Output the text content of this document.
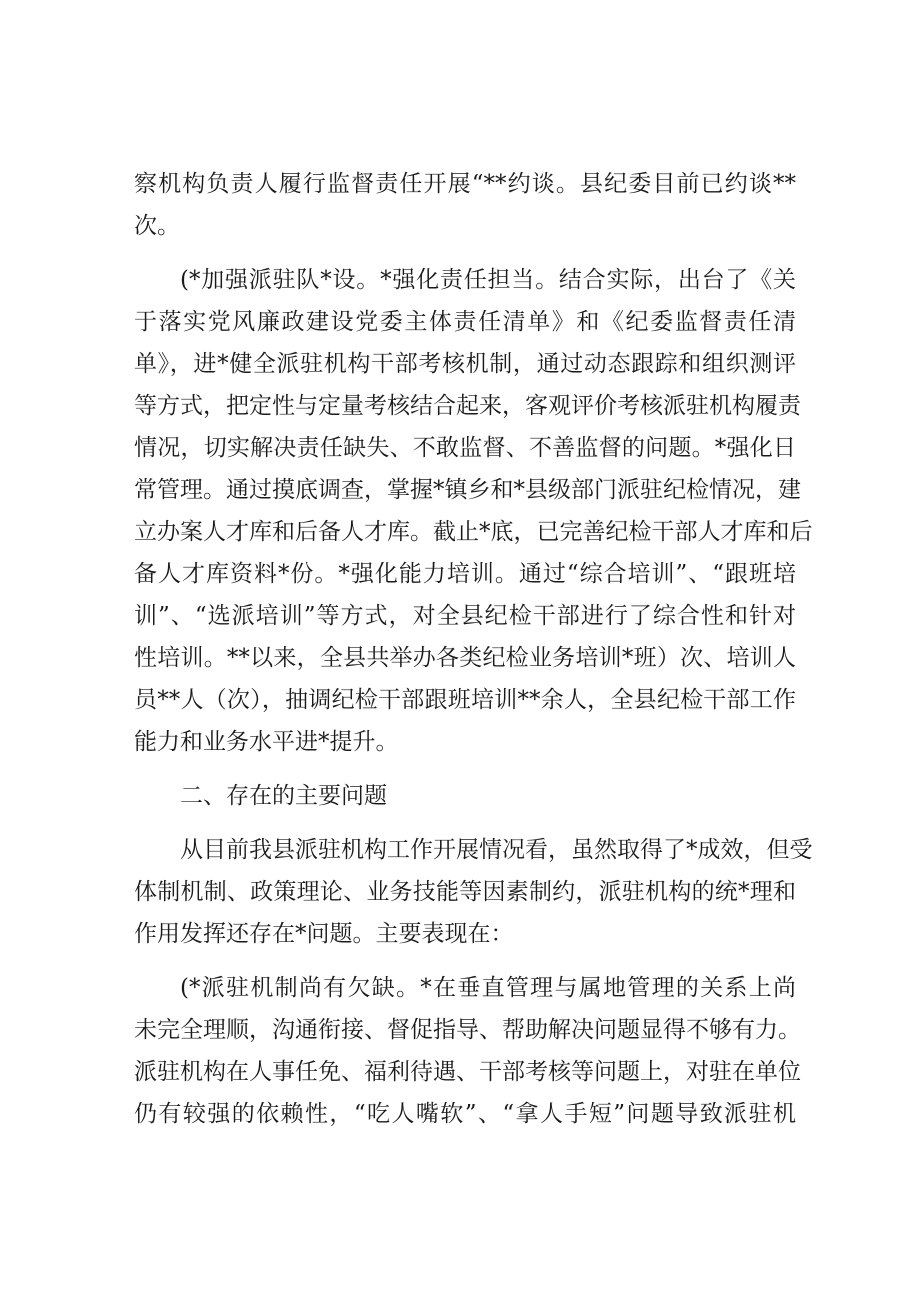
察机构负责人履行监督责任开展“**约谈。县纪委目前已约谈**
次。
(*加强派驻队*设。*强化责任担当。结合实际，出台了《关
于落实党风廉政建设党委主体责任清单》和《纪委监督责任清
单》，进*健全派驻机构干部考核机制，通过动态跟踪和组织测评
等方式，把定性与定量考核结合起来，客观评价考核派驻机构履责
情况，切实解决责任缺失、不敢监督、不善监督的问题。*强化日
常管理。通过摸底调查，掌握*镇乡和*县级部门派驻纪检情况，建
立办案人才库和后备人才库。截止*底，已完善纪检干部人才库和后
备人才库资料*份。*强化能力培训。通过“综合培训”、“跟班培
训”、“选派培训”等方式，对全县纪检干部进行了综合性和针对
性培训。**以来，全县共举办各类纪检业务培训*班）次、培训人
员**人（次），抽调纪检干部跟班培训**余人，全县纪检干部工作
能力和业务水平进*提升。
二、存在的主要问题
从目前我县派驻机构工作开展情况看，虽然取得了*成效，但受
体制机制、政策理论、业务技能等因素制约，派驻机构的统*理和
作用发挥还存在*问题。主要表现在：
(*派驻机制尚有欠缺。*在垂直管理与属地管理的关系上尚
未完全理顺，沟通衔接、督促指导、帮助解决问题显得不够有力。
派驻机构在人事任免、福利待遇、干部考核等问题上，对驻在单位
仍有较强的依赖性，“吃人嘴软”、“拿人手短”问题导致派驻机
